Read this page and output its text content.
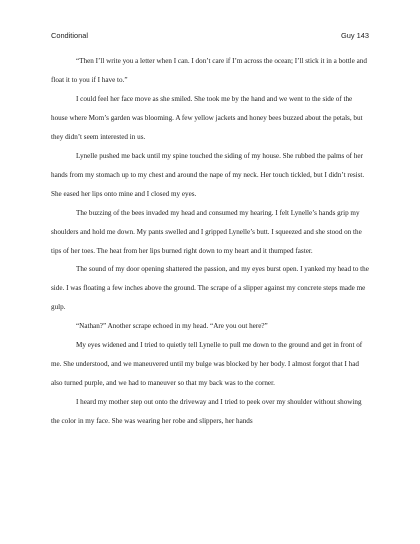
Conditional	Guy 143

“Then I’ll write you a letter when I can. I don’t care if I’m across the ocean; I’ll stick it in a bottle and float it to you if I have to.”

I could feel her face move as she smiled. She took me by the hand and we went to the side of the house where Mom’s garden was blooming. A few yellow jackets and honey bees buzzed about the petals, but they didn’t seem interested in us.

Lynelle pushed me back until my spine touched the siding of my house. She rubbed the palms of her hands from my stomach up to my chest and around the nape of my neck. Her touch tickled, but I didn’t resist. She eased her lips onto mine and I closed my eyes.

The buzzing of the bees invaded my head and consumed my hearing. I felt Lynelle’s hands grip my shoulders and hold me down. My pants swelled and I gripped Lynelle’s butt. I squeezed and she stood on the tips of her toes. The heat from her lips burned right down to my heart and it thumped faster.

The sound of my door opening shattered the passion, and my eyes burst open. I yanked my head to the side. I was floating a few inches above the ground. The scrape of a slipper against my concrete steps made me gulp.

“Nathan?” Another scrape echoed in my head. “Are you out here?”

My eyes widened and I tried to quietly tell Lynelle to pull me down to the ground and get in front of me. She understood, and we maneuvered until my bulge was blocked by her body. I almost forgot that I had also turned purple, and we had to maneuver so that my back was to the corner.

I heard my mother step out onto the driveway and I tried to peek over my shoulder without showing the color in my face. She was wearing her robe and slippers, her hands
